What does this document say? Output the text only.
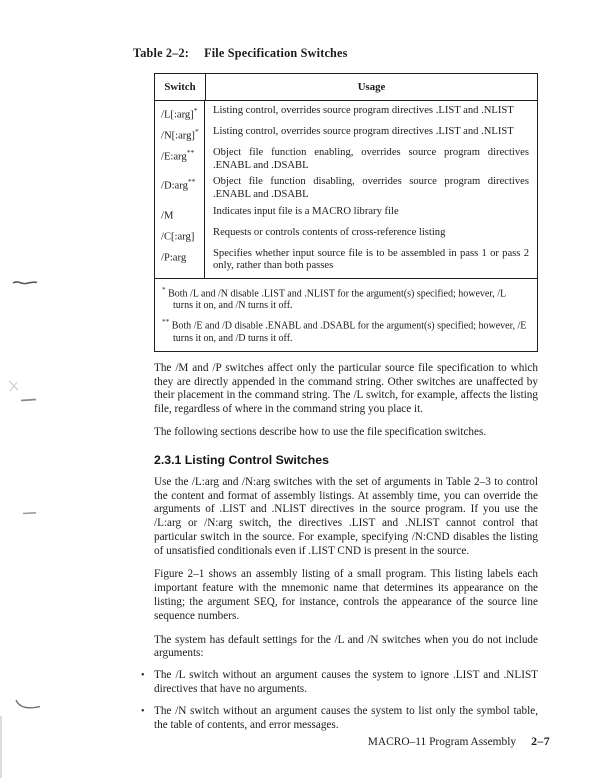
Table 2–2: File Specification Switches
Switch	Usage
/L[:arg]*	Listing control, overrides source program directives .LIST and .NLIST
/N[:arg]*	Listing control, overrides source program directives .LIST and .NLIST
/E:arg**	Object file function enabling, overrides source program directives .ENABL and .DSABL
/D:arg**	Object file function disabling, overrides source program directives .ENABL and .DSABL
/M	Indicates input file is a MACRO library file
/C[:arg]	Requests or controls contents of cross-reference listing
/P:arg	Specifies whether input source file is to be assembled in pass 1 or pass 2 only, rather than both passes
* Both /L and /N disable .LIST and .NLIST for the argument(s) specified; however, /L turns it on, and /N turns it off.
** Both /E and /D disable .ENABL and .DSABL for the argument(s) specified; however, /E turns it on, and /D turns it off.

The /M and /P switches affect only the particular source file specification to which they are directly appended in the command string. Other switches are unaffected by their placement in the command string. The /L switch, for example, affects the listing file, regardless of where in the command string you place it.

The following sections describe how to use the file specification switches.

2.3.1 Listing Control Switches

Use the /L:arg and /N:arg switches with the set of arguments in Table 2–3 to control the content and format of assembly listings. At assembly time, you can override the arguments of .LIST and .NLIST directives in the source program. If you use the /L:arg or /N:arg switch, the directives .LIST and .NLIST cannot control that particular switch in the source. For example, specifying /N:CND disables the listing of unsatisfied conditionals even if .LIST CND is present in the source.

Figure 2–1 shows an assembly listing of a small program. This listing labels each important feature with the mnemonic name that determines its appearance on the listing; the argument SEQ, for instance, controls the appearance of the source line sequence numbers.

The system has default settings for the /L and /N switches when you do not include arguments:

• The /L switch without an argument causes the system to ignore .LIST and .NLIST directives that have no arguments.
• The /N switch without an argument causes the system to list only the symbol table, the table of contents, and error messages.
MACRO–11 Program Assembly 2–7
